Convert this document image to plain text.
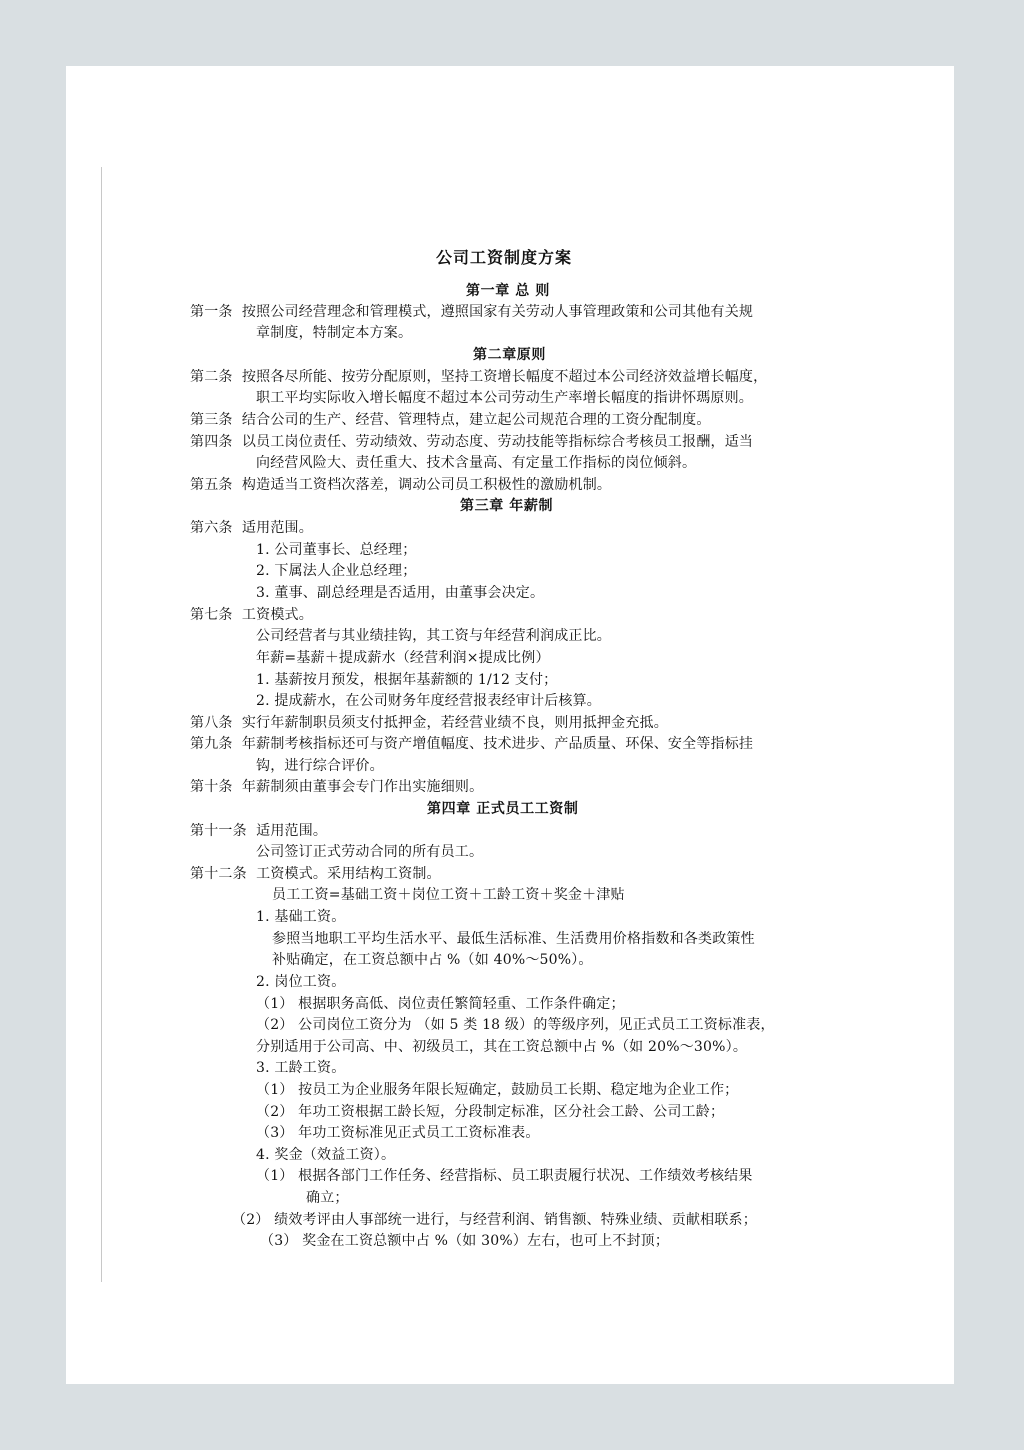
公司工资制度方案
第一章 总 则
第一条 按照公司经营理念和管理模式，遵照国家有关劳动人事管理政策和公司其他有关规
章制度，特制定本方案。
第二章原则
第二条 按照各尽所能、按劳分配原则，坚持工资增长幅度不超过本公司经济效益增长幅度，
职工平均实际收入增长幅度不超过本公司劳动生产率增长幅度的指讲怀瑪原则。
第三条 结合公司的生产、经营、管理特点，建立起公司规范合理的工资分配制度。
第四条 以员工岗位责任、劳动绩效、劳动态度、劳动技能等指标综合考核员工报酬，适当
向经营风险大、责任重大、技术含量高、有定量工作指标的岗位倾斜。
第五条 构造适当工资档次落差，调动公司员工积极性的激励机制。
第三章 年薪制
第六条 适用范围。
1. 公司董事长、总经理；
2. 下属法人企业总经理；
3. 董事、副总经理是否适用，由董事会决定。
第七条 工资模式。
公司经营者与其业绩挂钩，其工资与年经营利润成正比。
年薪=基薪＋提成薪水（经营利润×提成比例）
1. 基薪按月预发，根据年基薪额的 1/12 支付；
2. 提成薪水，在公司财务年度经营报表经审计后核算。
第八条 实行年薪制职员须支付抵押金，若经营业绩不良，则用抵押金充抵。
第九条 年薪制考核指标还可与资产增值幅度、技术进步、产品质量、环保、安全等指标挂
钩，进行综合评价。
第十条 年薪制须由董事会专门作出实施细则。
第四章 正式员工工资制
第十一条 适用范围。
公司签订正式劳动合同的所有员工。
第十二条 工资模式。采用结构工资制。
员工工资=基础工资＋岗位工资＋工龄工资＋奖金＋津贴
1. 基础工资。
参照当地职工平均生活水平、最低生活标准、生活费用价格指数和各类政策性
补贴确定，在工资总额中占 %（如 40%～50%）。
2. 岗位工资。
（1） 根据职务高低、岗位责任繁简轻重、工作条件确定；
（2） 公司岗位工资分为 （如 5 类 18 级）的等级序列，见正式员工工资标准表，
分别适用于公司高、中、初级员工，其在工资总额中占 %（如 20%～30%）。
3. 工龄工资。
（1） 按员工为企业服务年限长短确定，鼓励员工长期、稳定地为企业工作；
（2） 年功工资根据工龄长短，分段制定标准，区分社会工龄、公司工龄；
（3） 年功工资标准见正式员工工资标准表。
4. 奖金（效益工资）。
（1） 根据各部门工作任务、经营指标、员工职责履行状况、工作绩效考核结果
确立；
（2） 绩效考评由人事部统一进行，与经营利润、销售额、特殊业绩、贡献相联系；
（3） 奖金在工资总额中占 %（如 30%）左右，也可上不封顶；
